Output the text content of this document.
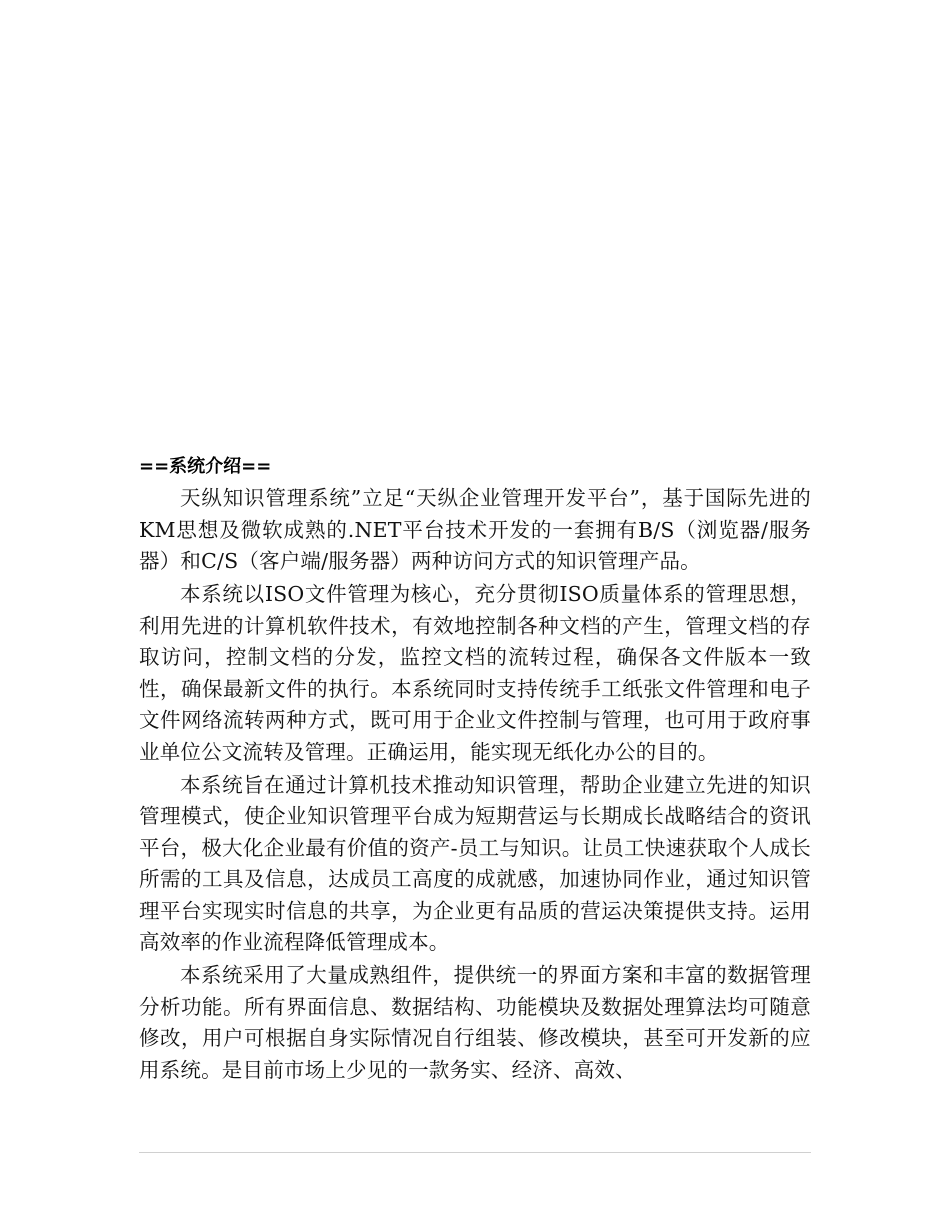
==系统介绍==

天纵知识管理系统”立足“天纵企业管理开发平台”，基于国际先进的KM思想及微软成熟的.NET平台技术开发的一套拥有B/S（浏览器/服务器）和C/S（客户端/服务器）两种访问方式的知识管理产品。

本系统以ISO文件管理为核心，充分贯彻ISO质量体系的管理思想，利用先进的计算机软件技术，有效地控制各种文档的产生，管理文档的存取访问，控制文档的分发，监控文档的流转过程，确保各文件版本一致性，确保最新文件的执行。本系统同时支持传统手工纸张文件管理和电子文件网络流转两种方式，既可用于企业文件控制与管理，也可用于政府事业单位公文流转及管理。正确运用，能实现无纸化办公的目的。

本系统旨在通过计算机技术推动知识管理，帮助企业建立先进的知识管理模式，使企业知识管理平台成为短期营运与长期成长战略结合的资讯平台，极大化企业最有价值的资产-员工与知识。让员工快速获取个人成长所需的工具及信息，达成员工高度的成就感，加速协同作业，通过知识管理平台实现实时信息的共享，为企业更有品质的营运决策提供支持。运用高效率的作业流程降低管理成本。

本系统采用了大量成熟组件，提供统一的界面方案和丰富的数据管理分析功能。所有界面信息、数据结构、功能模块及数据处理算法均可随意修改，用户可根据自身实际情况自行组装、修改模块，甚至可开发新的应用系统。是目前市场上少见的一款务实、经济、高效、
